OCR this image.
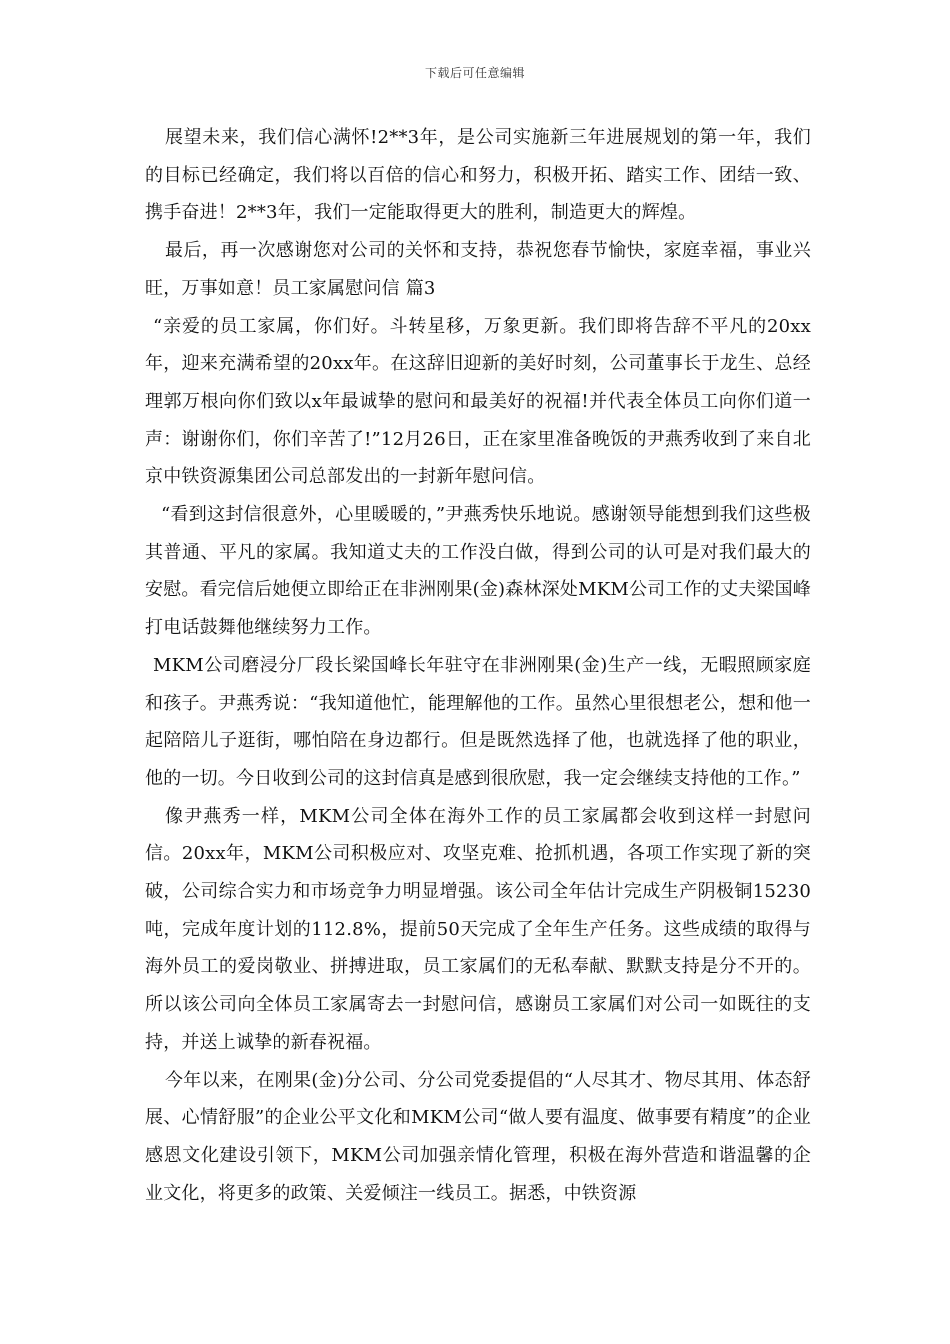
下载后可任意编辑

展望未来，我们信心满怀!2**3年，是公司实施新三年进展规划的第一年，我们的目标已经确定，我们将以百倍的信心和努力，积极开拓、踏实工作、团结一致、携手奋进！2**3年，我们一定能取得更大的胜利，制造更大的辉煌。

最后，再一次感谢您对公司的关怀和支持，恭祝您春节愉快，家庭幸福，事业兴旺，万事如意！员工家属慰问信 篇3

“亲爱的员工家属，你们好。斗转星移，万象更新。我们即将告辞不平凡的20xx年，迎来充满希望的20xx年。在这辞旧迎新的美好时刻，公司董事长于龙生、总经理郭万根向你们致以x年最诚挚的慰问和最美好的祝福!并代表全体员工向你们道一声：谢谢你们，你们辛苦了!”12月26日，正在家里准备晚饭的尹燕秀收到了来自北京中铁资源集团公司总部发出的一封新年慰问信。

“看到这封信很意外，心里暖暖的，”尹燕秀快乐地说。感谢领导能想到我们这些极其普通、平凡的家属。我知道丈夫的工作没白做，得到公司的认可是对我们最大的安慰。看完信后她便立即给正在非洲刚果(金)森林深处MKM公司工作的丈夫梁国峰打电话鼓舞他继续努力工作。

MKM公司磨浸分厂段长梁国峰长年驻守在非洲刚果(金)生产一线，无暇照顾家庭和孩子。尹燕秀说：“我知道他忙，能理解他的工作。虽然心里很想老公，想和他一起陪陪儿子逛街，哪怕陪在身边都行。但是既然选择了他，也就选择了他的职业，他的一切。今日收到公司的这封信真是感到很欣慰，我一定会继续支持他的工作。”

像尹燕秀一样，MKM公司全体在海外工作的员工家属都会收到这样一封慰问信。20xx年，MKM公司积极应对、攻坚克难、抢抓机遇，各项工作实现了新的突破，公司综合实力和市场竞争力明显增强。该公司全年估计完成生产阴极铜15230吨，完成年度计划的112.8%，提前50天完成了全年生产任务。这些成绩的取得与海外员工的爱岗敬业、拼搏进取，员工家属们的无私奉献、默默支持是分不开的。所以该公司向全体员工家属寄去一封慰问信，感谢员工家属们对公司一如既往的支持，并送上诚挚的新春祝福。

今年以来，在刚果(金)分公司、分公司党委提倡的“人尽其才、物尽其用、体态舒展、心情舒服”的企业公平文化和MKM公司“做人要有温度、做事要有精度”的企业感恩文化建设引领下，MKM公司加强亲情化管理，积极在海外营造和谐温馨的企业文化，将更多的政策、关爱倾注一线员工。据悉，中铁资源
